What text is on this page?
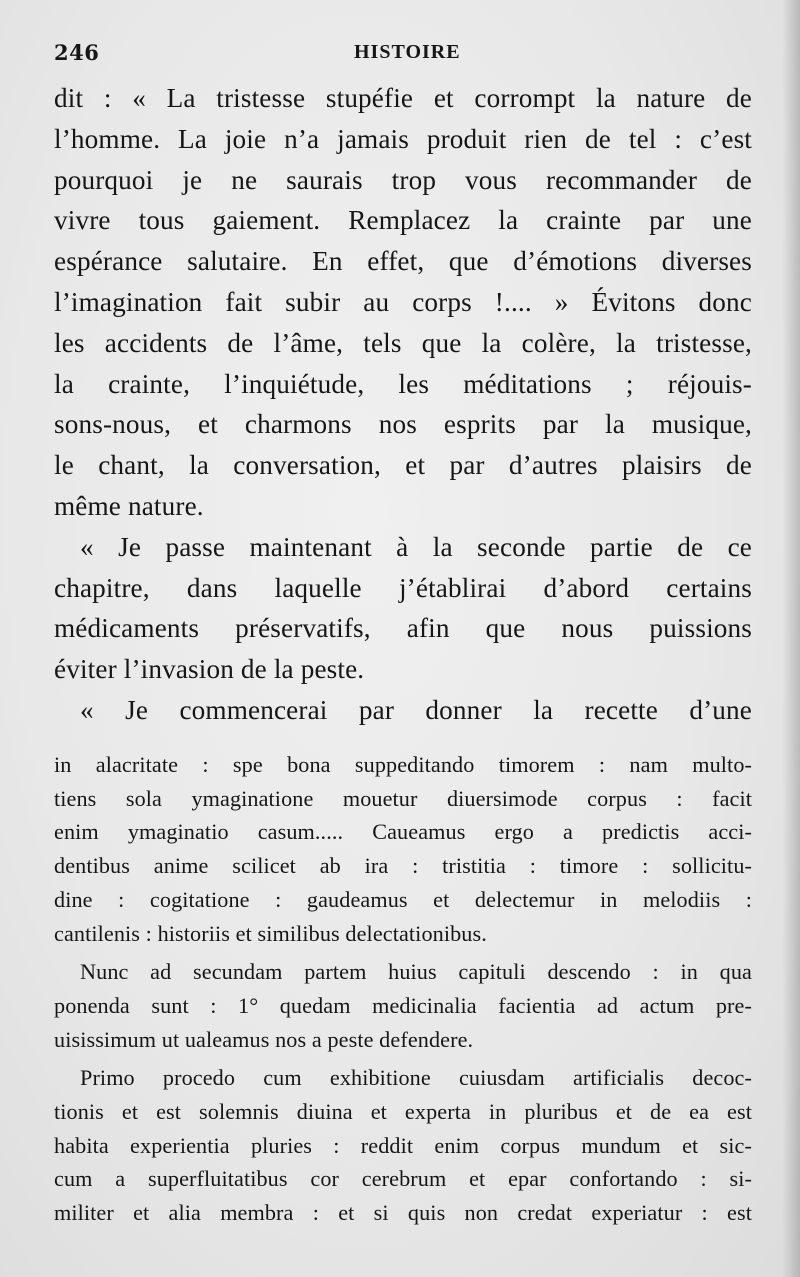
246	HISTOIRE
dit : « La tristesse stupéfie et corrompt la nature de
l’homme. La joie n’a jamais produit rien de tel : c’est
pourquoi je ne saurais trop vous recommander de
vivre tous gaiement. Remplacez la crainte par une
espérance salutaire. En effet, que d’émotions diverses
l’imagination fait subir au corps !.... » Évitons donc
les accidents de l’âme, tels que la colère, la tristesse,
la crainte, l’inquiétude, les méditations ; réjouis-
sons-nous, et charmons nos esprits par la musique,
le chant, la conversation, et par d’autres plaisirs de
même nature.
« Je passe maintenant à la seconde partie de ce
chapitre, dans laquelle j’établirai d’abord certains
médicaments préservatifs, afin que nous puissions
éviter l’invasion de la peste.
« Je commencerai par donner la recette d’une
in alacritate : spe bona suppeditando timorem : nam multo-
tiens sola ymaginatione mouetur diuersimode corpus : facit
enim ymaginatio casum..... Caueamus ergo a predictis acci-
dentibus anime scilicet ab ira : tristitia : timore : sollicitu-
dine : cogitatione : gaudeamus et delectemur in melodiis :
cantilenis : historiis et similibus delectationibus.
Nunc ad secundam partem huius capituli descendo : in qua
ponenda sunt : 1° quedam medicinalia facientia ad actum pre-
uisissimum ut ualeamus nos a peste defendere.
Primo procedo cum exhibitione cuiusdam artificialis decoc-
tionis et est solemnis diuina et experta in pluribus et de ea est
habita experientia pluries : reddit enim corpus mundum et sic-
cum a superfluitatibus cor cerebrum et epar confortando : si-
militer et alia membra : et si quis non credat experiatur : est
